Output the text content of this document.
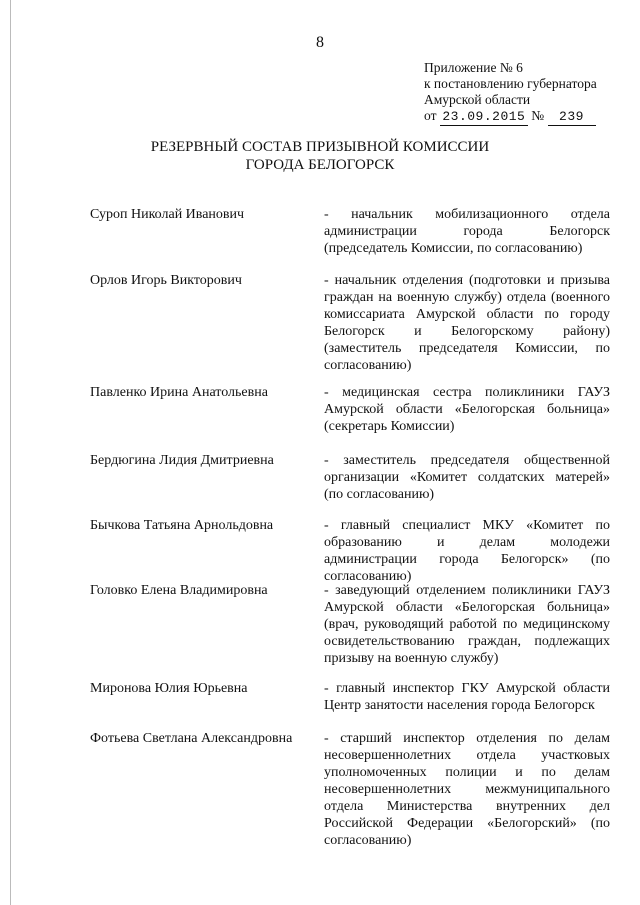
8
Приложение № 6
к постановлению губернатора
Амурской области
от 23.09.2015 № 239
РЕЗЕРВНЫЙ СОСТАВ ПРИЗЫВНОЙ КОМИССИИ
ГОРОДА БЕЛОГОРСК
Суроп Николай Иванович	- начальник мобилизационного отдела администрации города Белогорск (председатель Комиссии, по согласованию)
Орлов Игорь Викторович	- начальник отделения (подготовки и призыва граждан на военную службу) отдела (военного комиссариата Амурской области по городу Белогорск и Белогорскому району) (заместитель председателя Комиссии, по согласованию)
Павленко Ирина Анатольевна	- медицинская сестра поликлиники ГАУЗ Амурской области «Белогорская больница» (секретарь Комиссии)
Бердюгина Лидия Дмитриевна	- заместитель председателя общественной организации «Комитет солдатских матерей» (по согласованию)
Бычкова Татьяна Арнольдовна	- главный специалист МКУ «Комитет по образованию и делам молодежи администрации города Белогорск» (по согласованию)
Головко Елена Владимировна	- заведующий отделением поликлиники ГАУЗ Амурской области «Белогорская больница» (врач, руководящий работой по медицинскому освидетельствованию граждан, подлежащих призыву на военную службу)
Миронова Юлия Юрьевна	- главный инспектор ГКУ Амурской области Центр занятости населения города Белогорск
Фотьева Светлана Александровна	- старший инспектор отделения по делам несовершеннолетних отдела участковых уполномоченных полиции и по делам несовершеннолетних межмуниципального отдела Министерства внутренних дел Российской Федерации «Белогорский» (по согласованию)
